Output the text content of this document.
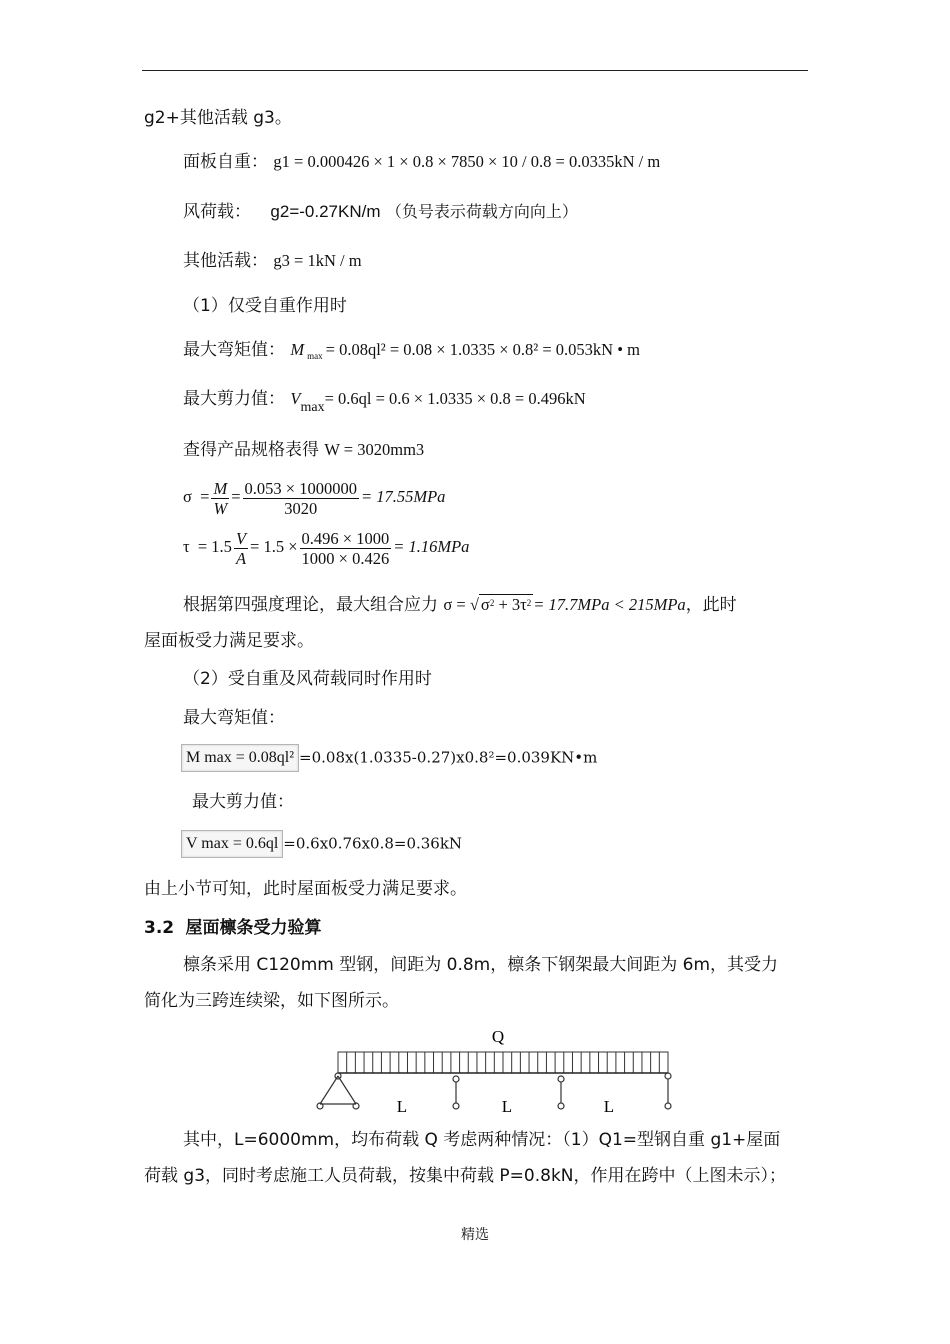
g2+其他活载 g3。
面板自重： g1 = 0.000426 × 1 × 0.8 × 7850 × 10 / 0.8 = 0.0335kN / m
风荷载： g2=-0.27KN/m （负号表示荷载方向向上）
其他活载： g3 = 1kN / m
（1）仅受自重作用时
最大弯矩值： M $_{max}$ = 0.08ql² = 0.08 × 1.0335 × 0.8² = 0.053kN • m
最大剪力值： $V_{max}= 0.6ql = 0.6 \times 1.0335 \times 0.8 = 0.496kN$
查得产品规格表得 W = 3020mm3
$\sigma = \frac{M}{W} = \frac{0.053 \times 1000000}{3020} = 17.55MPa$
$\tau = 1.5 \frac{V}{A} = 1.5 \times \frac{0.496 \times 1000}{1000 \times 0.426} = 1.16MPa$
根据第四强度理论，最大组合应力 σ = √ $\sigma^2 + 3\tau^2 = 17.7MPa < 215MPa$，此时
屋面板受力满足要求。
（2）受自重及风荷载同时作用时
最大弯矩值：
M max = 0.08ql² =0.08x(1.0335-0.27)x0.8²=0.039KN•m
最大剪力值：
V max = 0.6ql =0.6x0.76x0.8=0.36kN
由上小节可知，此时屋面板受力满足要求。
3.2 屋面檩条受力验算
檩条采用 C120mm 型钢，间距为 0.8m，檩条下钢架最大间距为 6m，其受力
简化为三跨连续梁，如下图所示。
Q
L	L	L
其中，L=6000mm，均布荷载 Q 考虑两种情况：（1）Q1=型钢自重 g1+屋面
荷载 g3，同时考虑施工人员荷载，按集中荷载 P=0.8kN，作用在跨中（上图未示）；
精选
